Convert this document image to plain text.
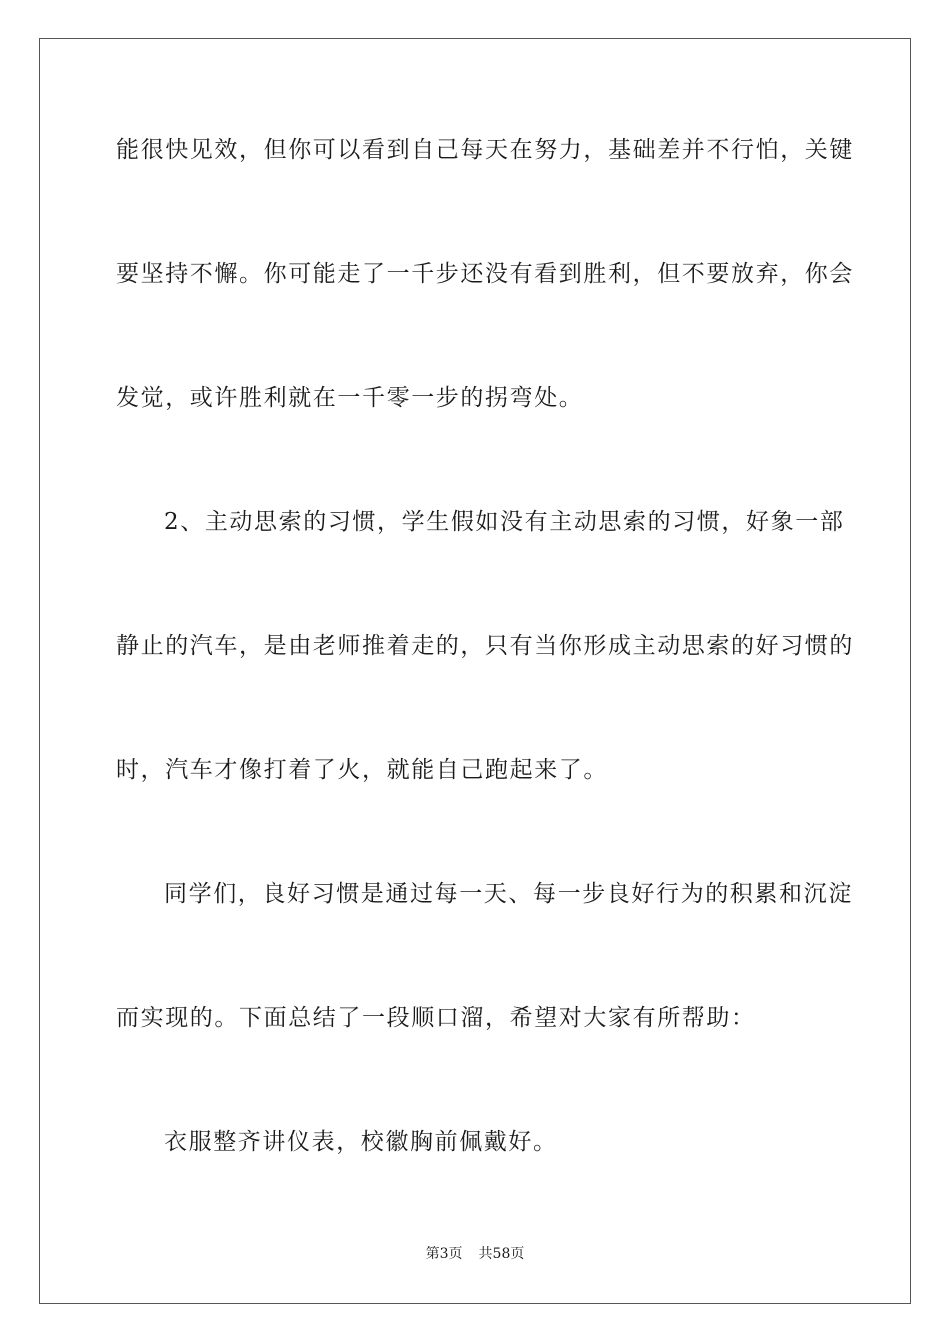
能很快见效，但你可以看到自己每天在努力，基础差并不行怕，关键
要坚持不懈。你可能走了一千步还没有看到胜利，但不要放弃，你会
发觉，或许胜利就在一千零一步的拐弯处。
2、主动思索的习惯，学生假如没有主动思索的习惯，好象一部
静止的汽车，是由老师推着走的，只有当你形成主动思索的好习惯的
时，汽车才像打着了火，就能自己跑起来了。
同学们，良好习惯是通过每一天、每一步良好行为的积累和沉淀
而实现的。下面总结了一段顺口溜，希望对大家有所帮助：
衣服整齐讲仪表，校徽胸前佩戴好。
第3页 共58页
